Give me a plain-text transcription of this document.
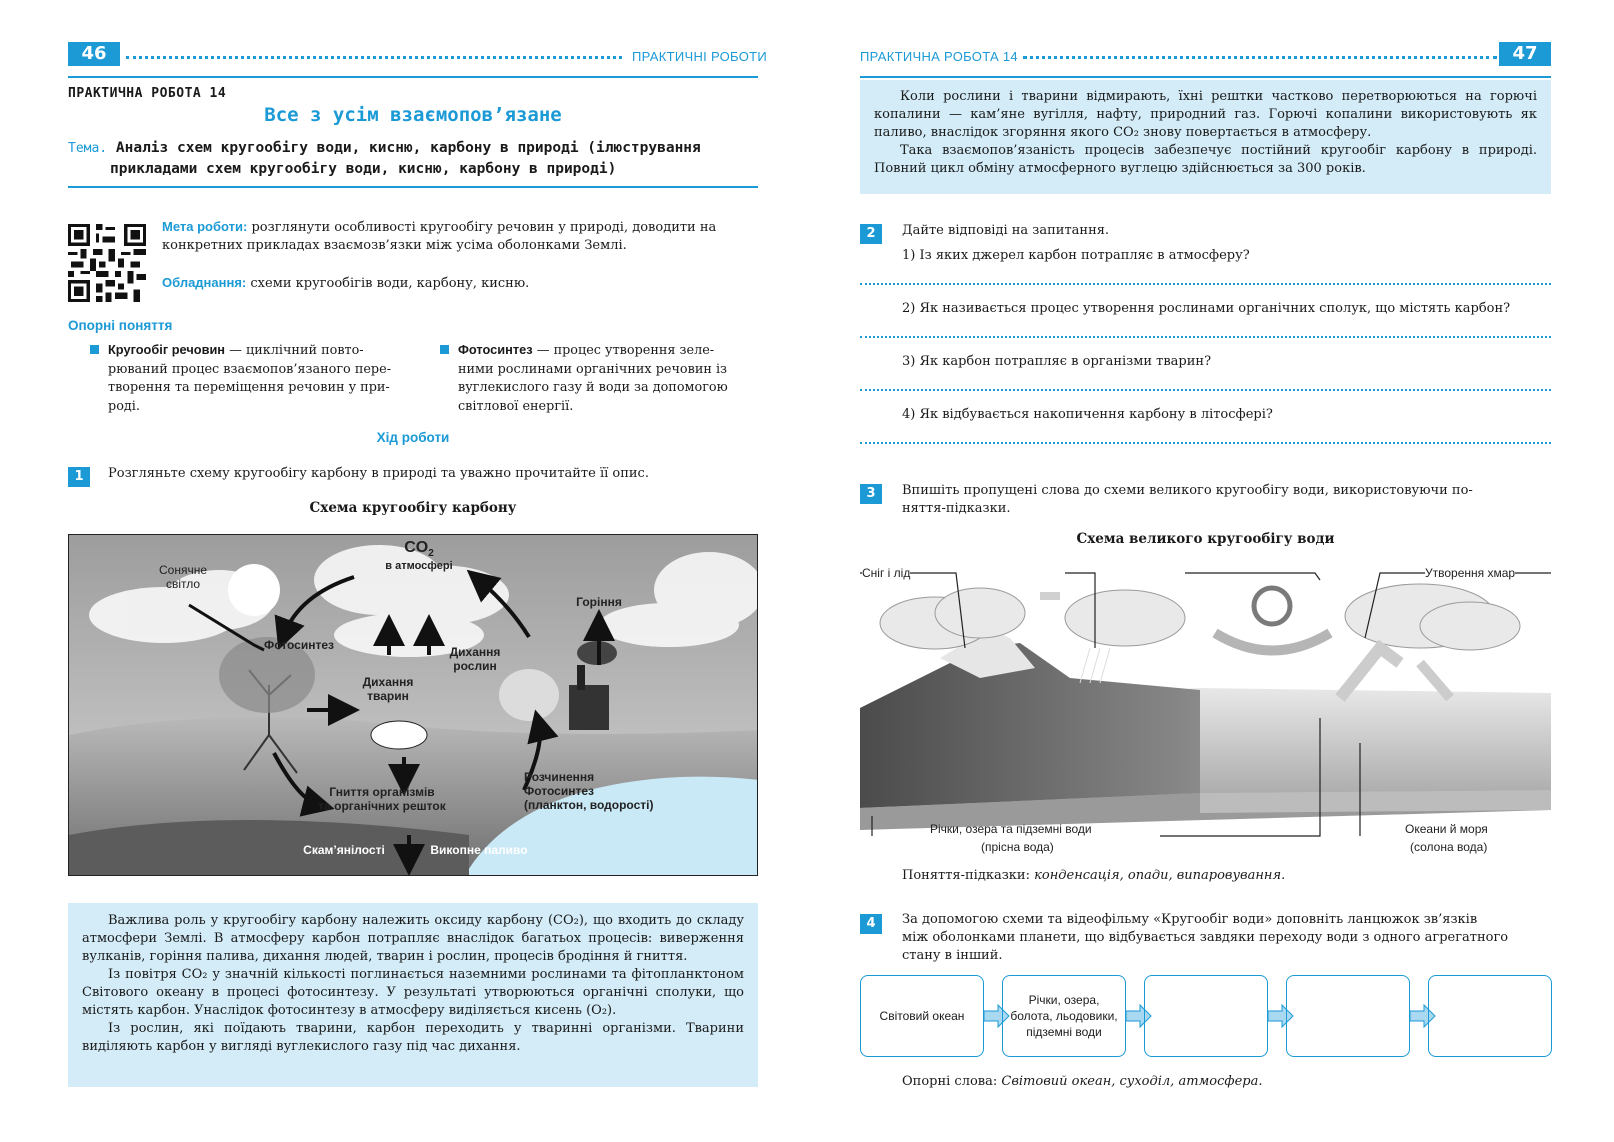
46	ПРАКТИЧНІ РОБОТИ
ПРАКТИЧНА РОБОТА 14
Все з усім взаємопов’язане
Тема. Аналіз схем кругообігу води, кисню, карбону в природі (ілюстрування
прикладами схем кругообігу води, кисню, карбону в природі)
Мета роботи: розглянути особливості кругообігу речовин у природі, доводити на конкретних прикладах взаємозв’язки між усіма оболонками Землі.
Обладнання: схеми кругообігів води, карбону, кисню.
Опорні поняття
Кругообіг речовин — циклічний повто-
рюваний процес взаємопов’язаного пере-
творення та переміщення речовин у при-
роді.
Фотосинтез — процес утворення зеле-
ними рослинами органічних речовин із
вуглекислого газу й води за допомогою
світлової енергії.
Хід роботи
1	Розгляньте схему кругообігу карбону в природі та уважно прочитайте її опис.
Схема кругообігу карбону
$CO_2$
в атмосфері
Сонячне
світло
Фотосинтез
Горіння
Дихання
тварин
Дихання
рослин
Гниття організмів
та органічних решток
Розчинення
Фотосинтез
(планктон, водорості)
Скам’янілості	Викопне паливо

Важлива роль у кругообігу карбону належить оксиду карбону (CO₂), що входить до складу атмосфери Землі. В атмосферу карбон потрапляє внаслідок багатьох процесів: виверження вулканів, горіння палива, дихання людей, тварин і рослин, процесів бродіння й гниття.

Із повітря CO₂ у значній кількості поглинається наземними рослинами та фітопланктоном Світового океану в процесі фотосинтезу. У результаті утворюються органічні сполуки, що містять карбон. Унаслідок фотосинтезу в атмосферу виділяється кисень (O₂).

Із рослин, які поїдають тварини, карбон переходить у тваринні організми. Тварини виділяють карбон у вигляді вуглекислого газу під час дихання.

ПРАКТИЧНА РОБОТА 14	47

Коли рослини і тварини відмирають, їхні рештки частково перетворюються на горючі копалини — кам’яне вугілля, нафту, природний газ. Горючі копалини використовують як паливо, внаслідок згоряння якого CO₂ знову повертається в атмосферу.

Така взаємопов’язаність процесів забезпечує постійний кругообіг карбону в природі. Повний цикл обміну атмосферного вуглецю здійснюється за 300 років.

2	Дайте відповіді на запитання.
1) Із яких джерел карбон потрапляє в атмосферу?
2) Як називається процес утворення рослинами органічних сполук, що містять карбон?
3) Як карбон потрапляє в організми тварин?
4) Як відбувається накопичення карбону в літосфері?
3	Впишіть пропущені слова до схеми великого кругообігу води, використовуючи по-
няття-підказки.
Схема великого кругообігу води
Сніг і лід	Утворення хмар
Річки, озера та підземні води
(прісна вода)
Океани й моря
(солона вода)
Поняття-підказки: конденсація, опади, випаровування.
4	За допомогою схеми та відеофільму «Кругообіг води» доповніть ланцюжок зв’язків
між оболонками планети, що відбувається завдяки переходу води з одного агрегатного
стану в інший.
Світовий океан
Річки, озера, болота, льодовики, підземні води
Опорні слова: Світовий океан, суходіл, атмосфера.
